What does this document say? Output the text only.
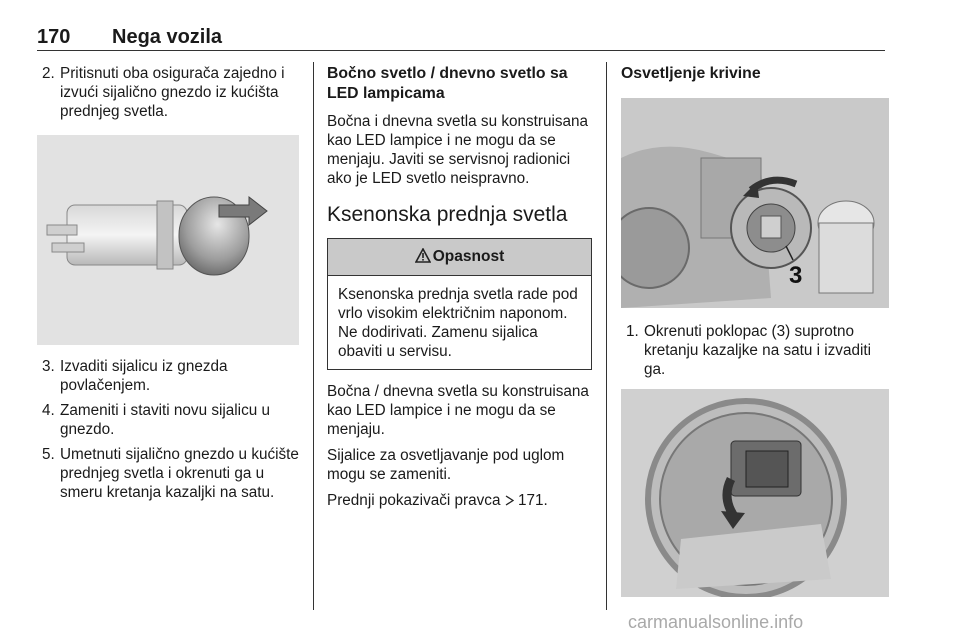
170 Nega vozila
2. Pritisnuti oba osigurača zajedno i izvući sijalično gnezdo iz kućišta prednjeg svetla.
3. Izvaditi sijalicu iz gnezda povlačenjem.
4. Zameniti i staviti novu sijalicu u gnezdo.
5. Umetnuti sijalično gnezdo u kućište prednjeg svetla i okrenuti ga u smeru kretanja kazaljki na satu.
Bočno svetlo / dnevno svetlo sa LED lampicama

Bočna i dnevna svetla su konstruisana kao LED lampice i ne mogu da se menjaju. Javiti se servisnoj radionici ako je LED svetlo neispravno.

Ksenonska prednja svetla
Opasnost
Ksenonska prednja svetla rade pod vrlo visokim električnim naponom. Ne dodirivati. Zamenu sijalica obaviti u servisu.

Bočna / dnevna svetla su konstruisana kao LED lampice i ne mogu da se menjaju.

Sijalice za osvetljavanje pod uglom mogu se zameniti.

Prednji pokazivači pravca 171.

Osvetljenje krivine
3
1. Okrenuti poklopac (3) suprotno kretanju kazaljke na satu i izvaditi ga.
carmanualsonline.info
